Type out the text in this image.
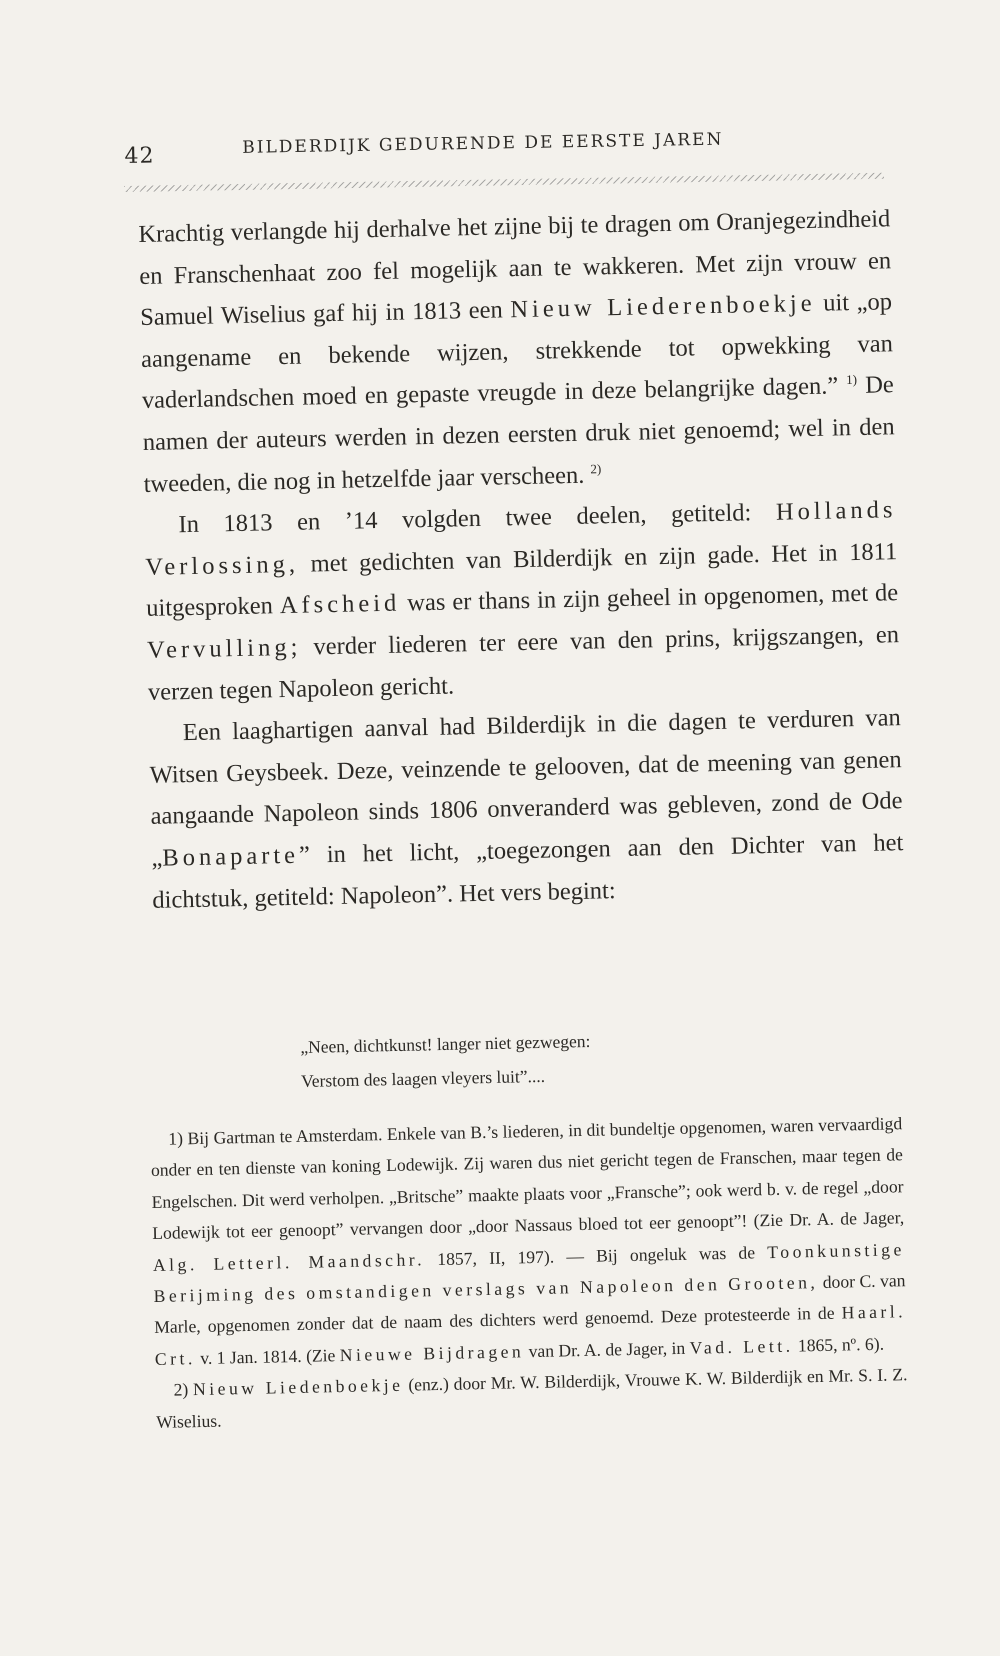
42	BILDERDIJK GEDURENDE DE EERSTE JAREN

Krachtig verlangde hij derhalve het zijne bij te dragen om Oranjegezindheid en Franschenhaat zoo fel mogelijk aan te wakkeren. Met zijn vrouw en Samuel Wiselius gaf hij in 1813 een Nieuw Liederenboekje uit „op aangename en bekende wijzen, strekkende tot opwekking van vaderlandschen moed en gepaste vreugde in deze belangrijke dagen.” $^{1)}$ De namen der auteurs werden in dezen eersten druk niet genoemd; wel in den tweeden, die nog in hetzelfde jaar verscheen. $^{2)}$

In 1813 en ’14 volgden twee deelen, getiteld: Hollands Verlossing, met gedichten van Bilderdijk en zijn gade. Het in 1811 uitgesproken Afscheid was er thans in zijn geheel in opgenomen, met de Vervulling; verder liederen ter eere van den prins, krijgszangen, en verzen tegen Napoleon gericht.

Een laaghartigen aanval had Bilderdijk in die dagen te verduren van Witsen Geysbeek. Deze, veinzende te gelooven, dat de meening van genen aangaande Napoleon sinds 1806 onveranderd was gebleven, zond de Ode „Bonaparte” in het licht, „toegezongen aan den Dichter van het dichtstuk, getiteld: Napoleon”. Het vers begint:

„Neen, dichtkunst! langer niet gezwegen:
Verstom des laagen vleyers luit”....

1) Bij Gartman te Amsterdam. Enkele van B.’s liederen, in dit bundeltje opgenomen, waren vervaardigd onder en ten dienste van koning Lodewijk. Zij waren dus niet gericht tegen de Franschen, maar tegen de Engelschen. Dit werd verholpen. „Britsche” maakte plaats voor „Fransche”; ook werd b. v. de regel „door Lodewijk tot eer genoopt” vervangen door „door Nassaus bloed tot eer genoopt”! (Zie Dr. A. de Jager, Alg. Letterl. Maandschr. 1857, II, 197). — Bij ongeluk was de Toonkunstige Berijming des omstandigen verslags van Napoleon den Grooten, door C. van Marle, opgenomen zonder dat de naam des dichters werd genoemd. Deze protesteerde in de Haarl. Crt. v. 1 Jan. 1814. (Zie Nieuwe Bijdragen van Dr. A. de Jager, in Vad. Lett. 1865, nº. 6).

2) Nieuw Liedenboekje (enz.) door Mr. W. Bilderdijk, Vrouwe K. W. Bilderdijk en Mr. S. I. Z. Wiselius.
